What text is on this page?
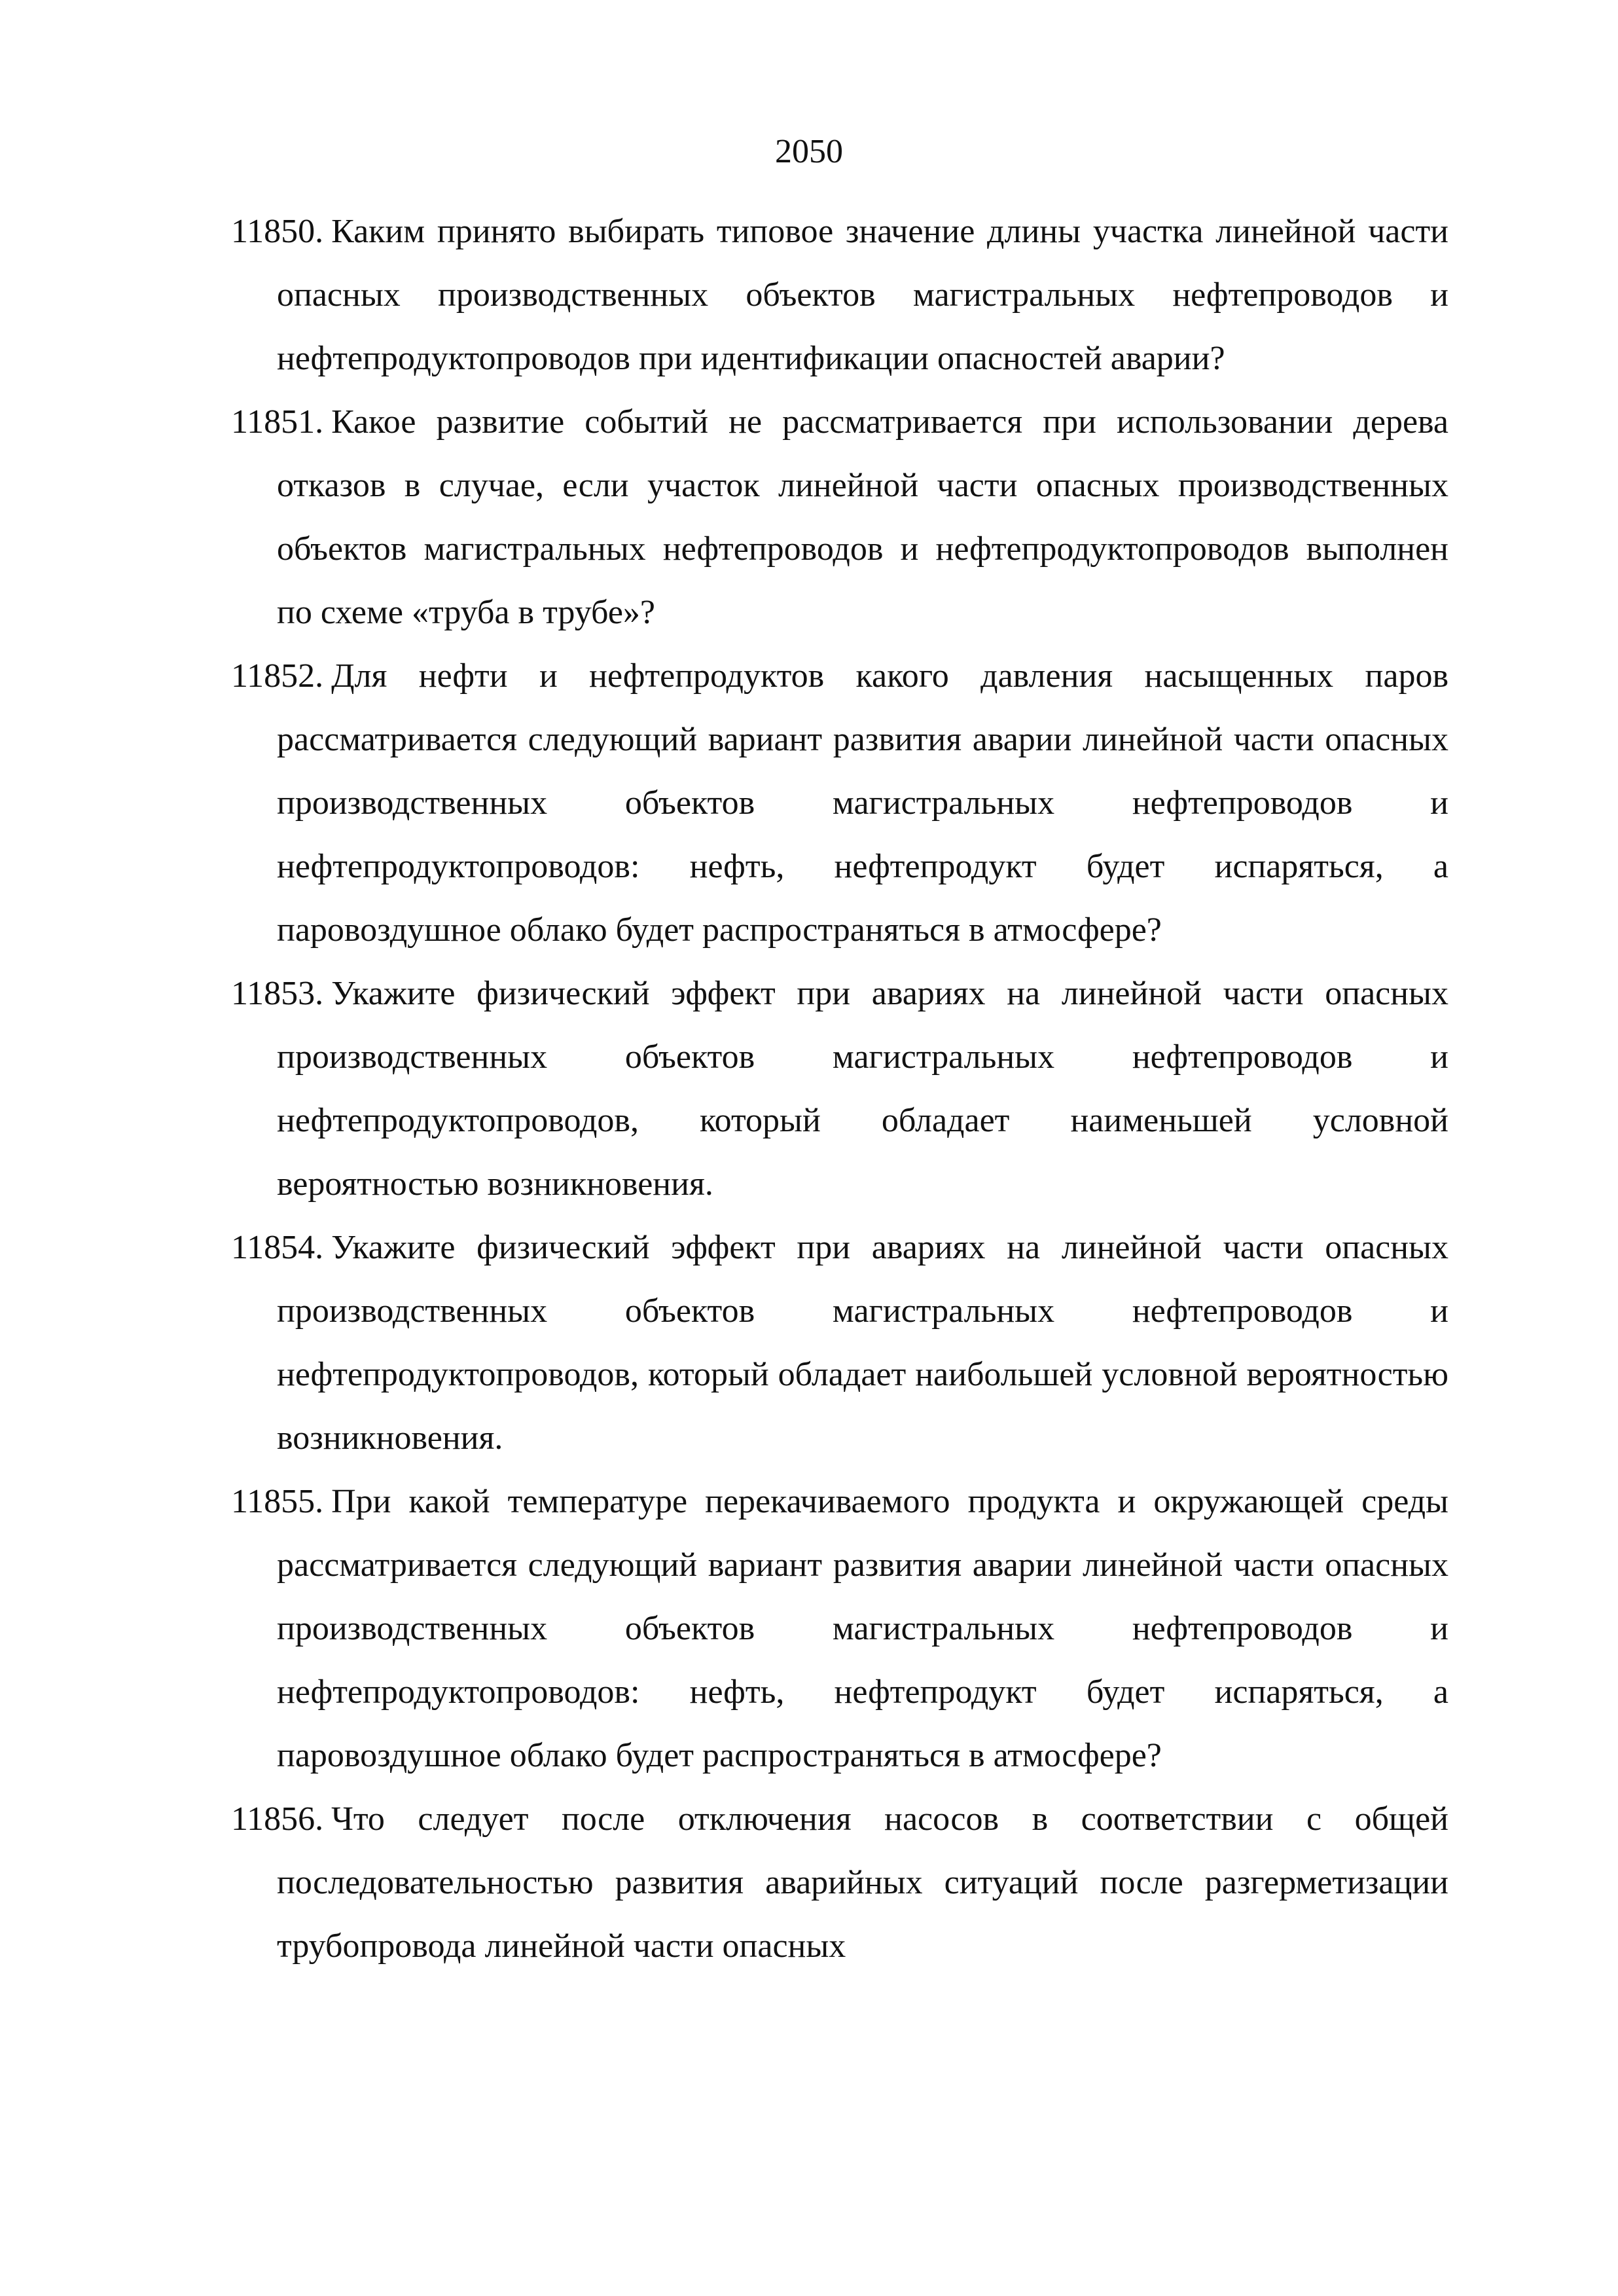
2050
11850. Каким принято выбирать типовое значение длины участка линейной части опасных производственных объектов магистральных нефтепроводов и нефтепродуктопроводов при идентификации опасностей аварии?
11851. Какое развитие событий не рассматривается при использовании дерева отказов в случае, если участок линейной части опасных производственных объектов магистральных нефтепроводов и нефтепродуктопроводов выполнен по схеме «труба в трубе»?
11852. Для нефти и нефтепродуктов какого давления насыщенных паров рассматривается следующий вариант развития аварии линейной части опасных производственных объектов магистральных нефтепроводов и нефтепродуктопроводов: нефть, нефтепродукт будет испаряться, а паровоздушное облако будет распространяться в атмосфере?
11853. Укажите физический эффект при авариях на линейной части опасных производственных объектов магистральных нефтепроводов и нефтепродуктопроводов, который обладает наименьшей условной вероятностью возникновения.
11854. Укажите физический эффект при авариях на линейной части опасных производственных объектов магистральных нефтепроводов и нефтепродуктопроводов, который обладает наибольшей условной вероятностью возникновения.
11855. При какой температуре перекачиваемого продукта и окружающей среды рассматривается следующий вариант развития аварии линейной части опасных производственных объектов магистральных нефтепроводов и нефтепродуктопроводов: нефть, нефтепродукт будет испаряться, а паровоздушное облако будет распространяться в атмосфере?
11856. Что следует после отключения насосов в соответствии с общей последовательностью развития аварийных ситуаций после разгерметизации трубопровода линейной части опасных
